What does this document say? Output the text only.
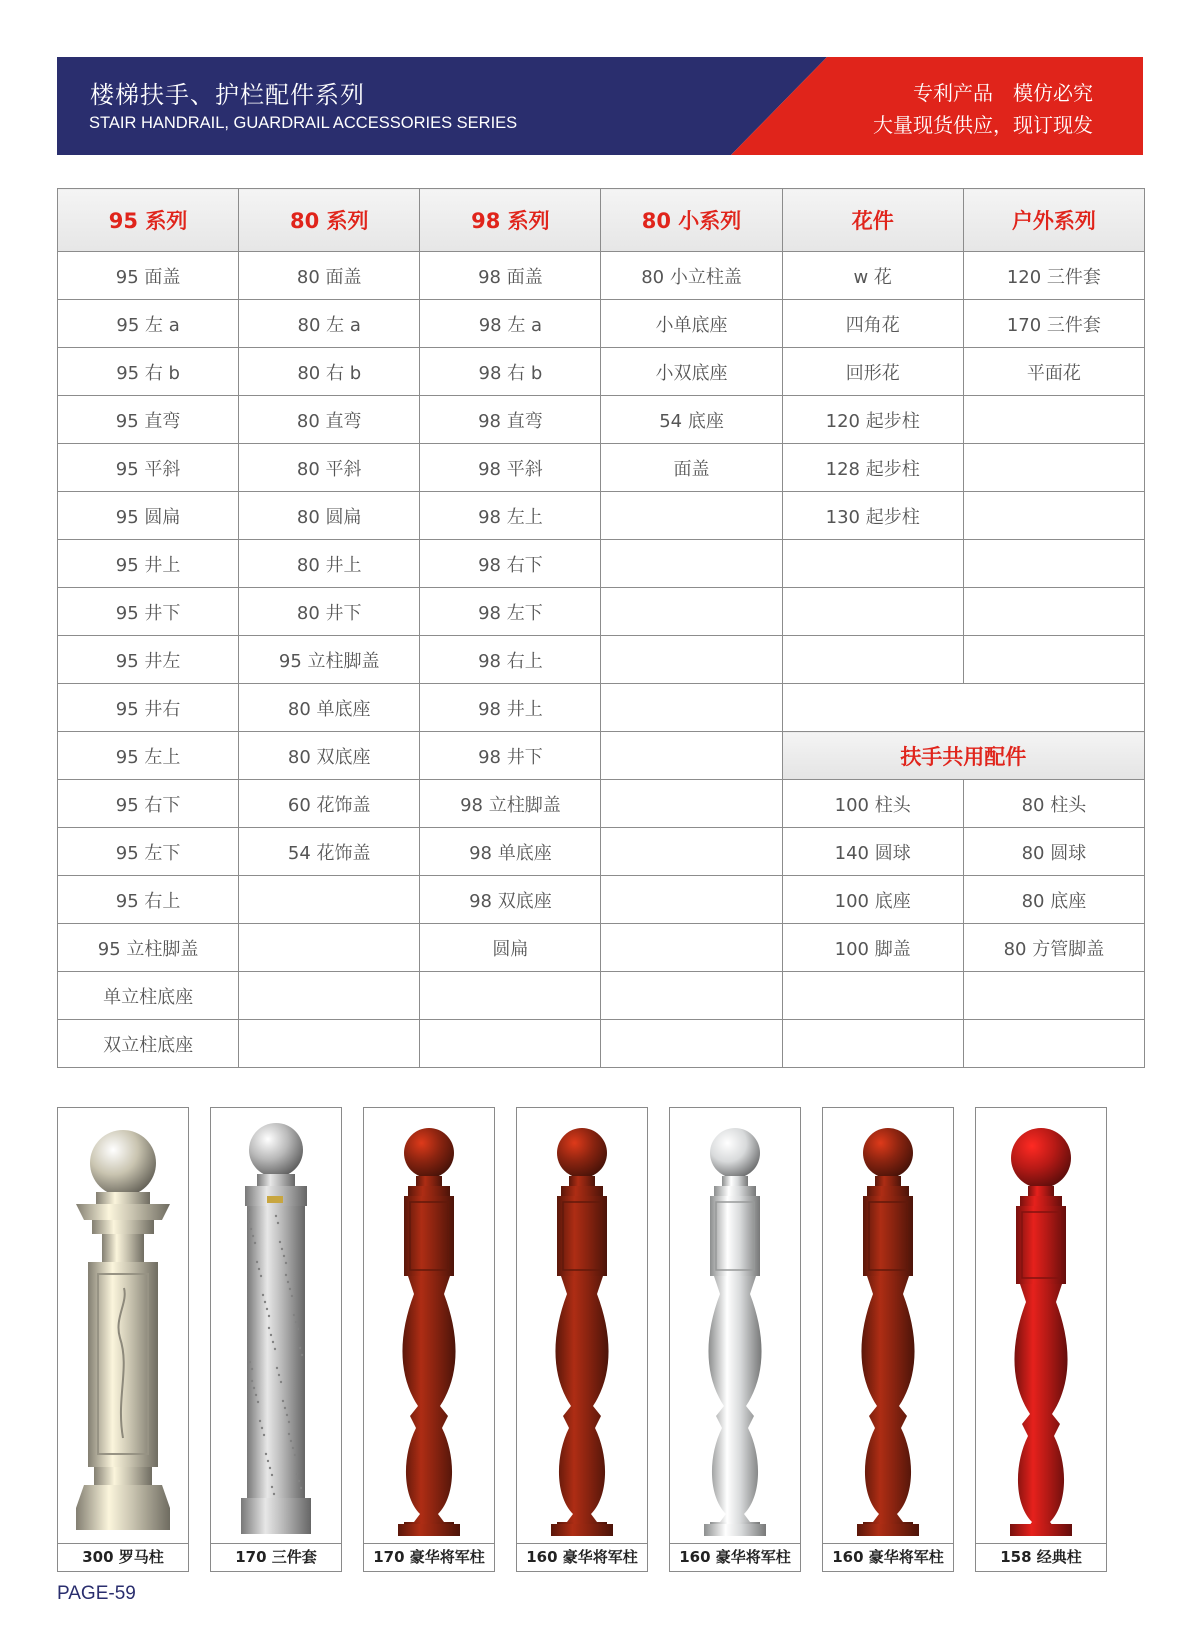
楼梯扶手、护栏配件系列
STAIR HANDRAIL, GUARDRAIL ACCESSORIES SERIES
专利产品　模仿必究
大量现货供应，现订现发
95 系列	80 系列	98 系列	80 小系列	花件	户外系列
95 面盖	80 面盖	98 面盖	80 小立柱盖	w 花	120 三件套
95 左 a	80 左 a	98 左 a	小单底座	四角花	170 三件套
95 右 b	80 右 b	98 右 b	小双底座	回形花	平面花
95 直弯	80 直弯	98 直弯	54 底座	120 起步柱	
95 平斜	80 平斜	98 平斜	面盖	128 起步柱	
95 圆扁	80 圆扁	98 左上		130 起步柱	
95 井上	80 井上	98 右下			
95 井下	80 井下	98 左下			
95 井左	95 立柱脚盖	98 右上			
95 井右	80 单底座	98 井上			
95 左上	80 双底座	98 井下		扶手共用配件	
95 右下	60 花饰盖	98 立柱脚盖		100 柱头	80 柱头
95 左下	54 花饰盖	98 单底座		140 圆球	80 圆球
95 右上		98 双底座		100 底座	80 底座
95 立柱脚盖		圆扁		100 脚盖	80 方管脚盖
单立柱底座					
双立柱底座					
300 罗马柱	170 三件套	170 豪华将军柱	160 豪华将军柱	160 豪华将军柱	160 豪华将军柱	158 经典柱
PAGE-59
